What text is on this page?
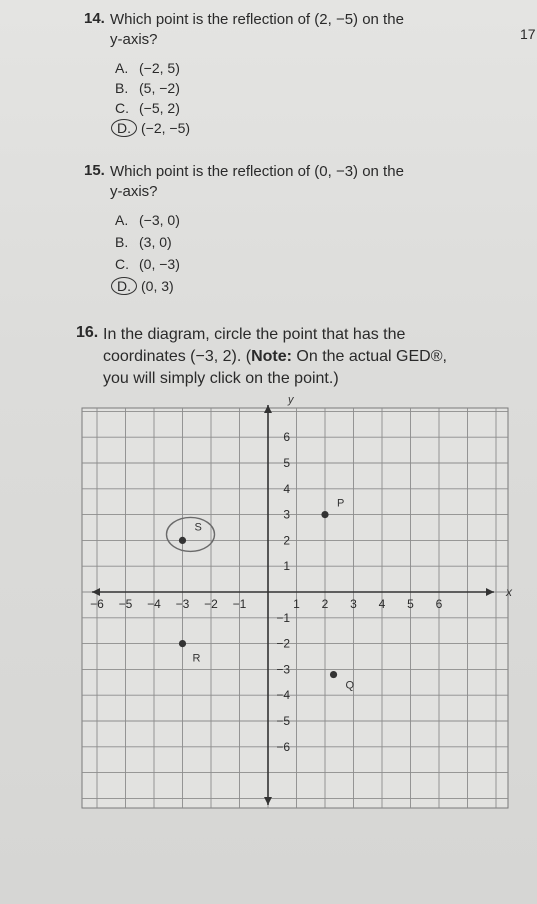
17
14. Which point is the reflection of (2, −5) on the
y-axis?
A. (−2, 5)
B. (5, −2)
C. (−5, 2)
D. (−2, −5)
15. Which point is the reflection of (0, −3) on the
y-axis?
A. (−3, 0)
B. (3, 0)
C. (0, −3)
D. (0, 3)
16. In the diagram, circle the point that has the
coordinates (−3, 2). (Note: On the actual GED®,
you will simply click on the point.)
x
y
−6 −5 −4 −3 −2 −1	1 2 3 4 5 6
6
5
4
3
2
1
−1
−2
−3
−4
−5
−6
P
S
R
Q
